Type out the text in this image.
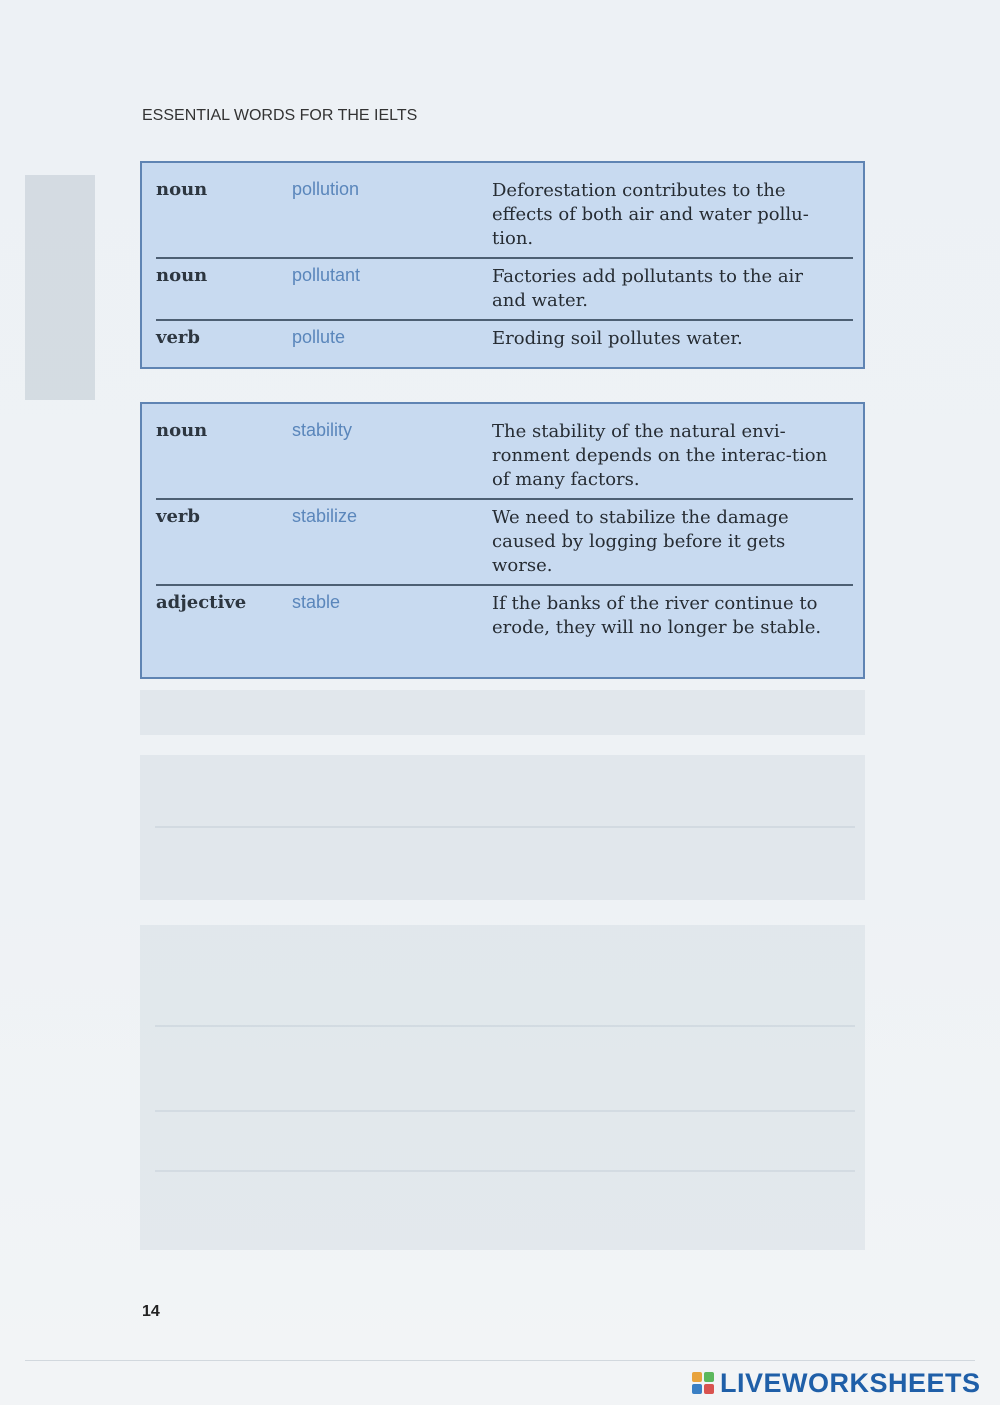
ESSENTIAL WORDS FOR THE IELTS
noun	pollution	Deforestation contributes to the effects of both air and water pollu-tion.
noun	pollutant	Factories add pollutants to the air and water.
verb	pollute	Eroding soil pollutes water.
noun	stability	The stability of the natural envi-ronment depends on the interac-tion of many factors.
verb	stabilize	We need to stabilize the damage caused by logging before it gets worse.
adjective	stable	If the banks of the river continue to erode, they will no longer be stable.
14
LIVEWORKSHEETS
